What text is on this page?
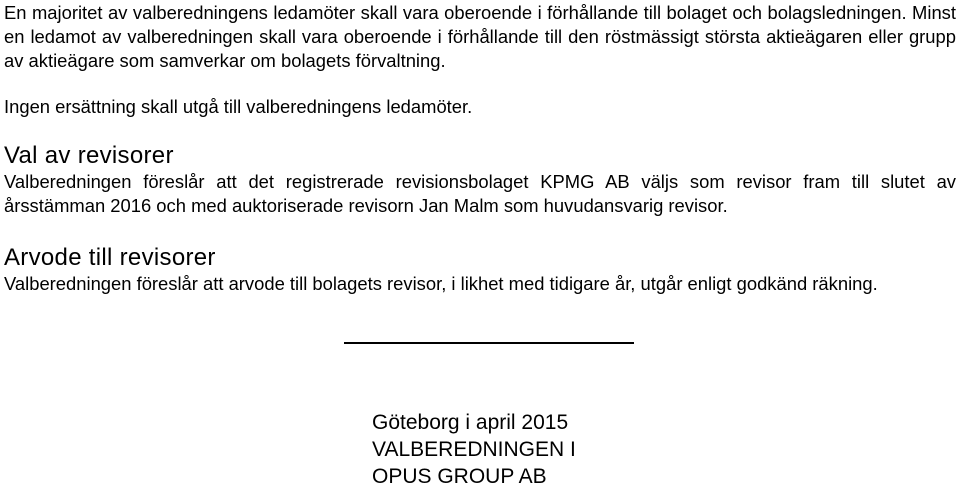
En majoritet av valberedningens ledamöter skall vara oberoende i förhållande till bolaget och bolagsledningen. Minst en ledamot av valberedningen skall vara oberoende i förhållande till den röstmässigt största aktieägaren eller grupp av aktieägare som samverkar om bolagets förvaltning.

Ingen ersättning skall utgå till valberedningens ledamöter.

Val av revisorer

Valberedningen föreslår att det registrerade revisionsbolaget KPMG AB väljs som revisor fram till slutet av årsstämman 2016 och med auktoriserade revisorn Jan Malm som huvudansvarig revisor.

Arvode till revisorer

Valberedningen föreslår att arvode till bolagets revisor, i likhet med tidigare år, utgår enligt godkänd räkning.

Göteborg i april 2015
VALBEREDNINGEN I
OPUS GROUP AB
